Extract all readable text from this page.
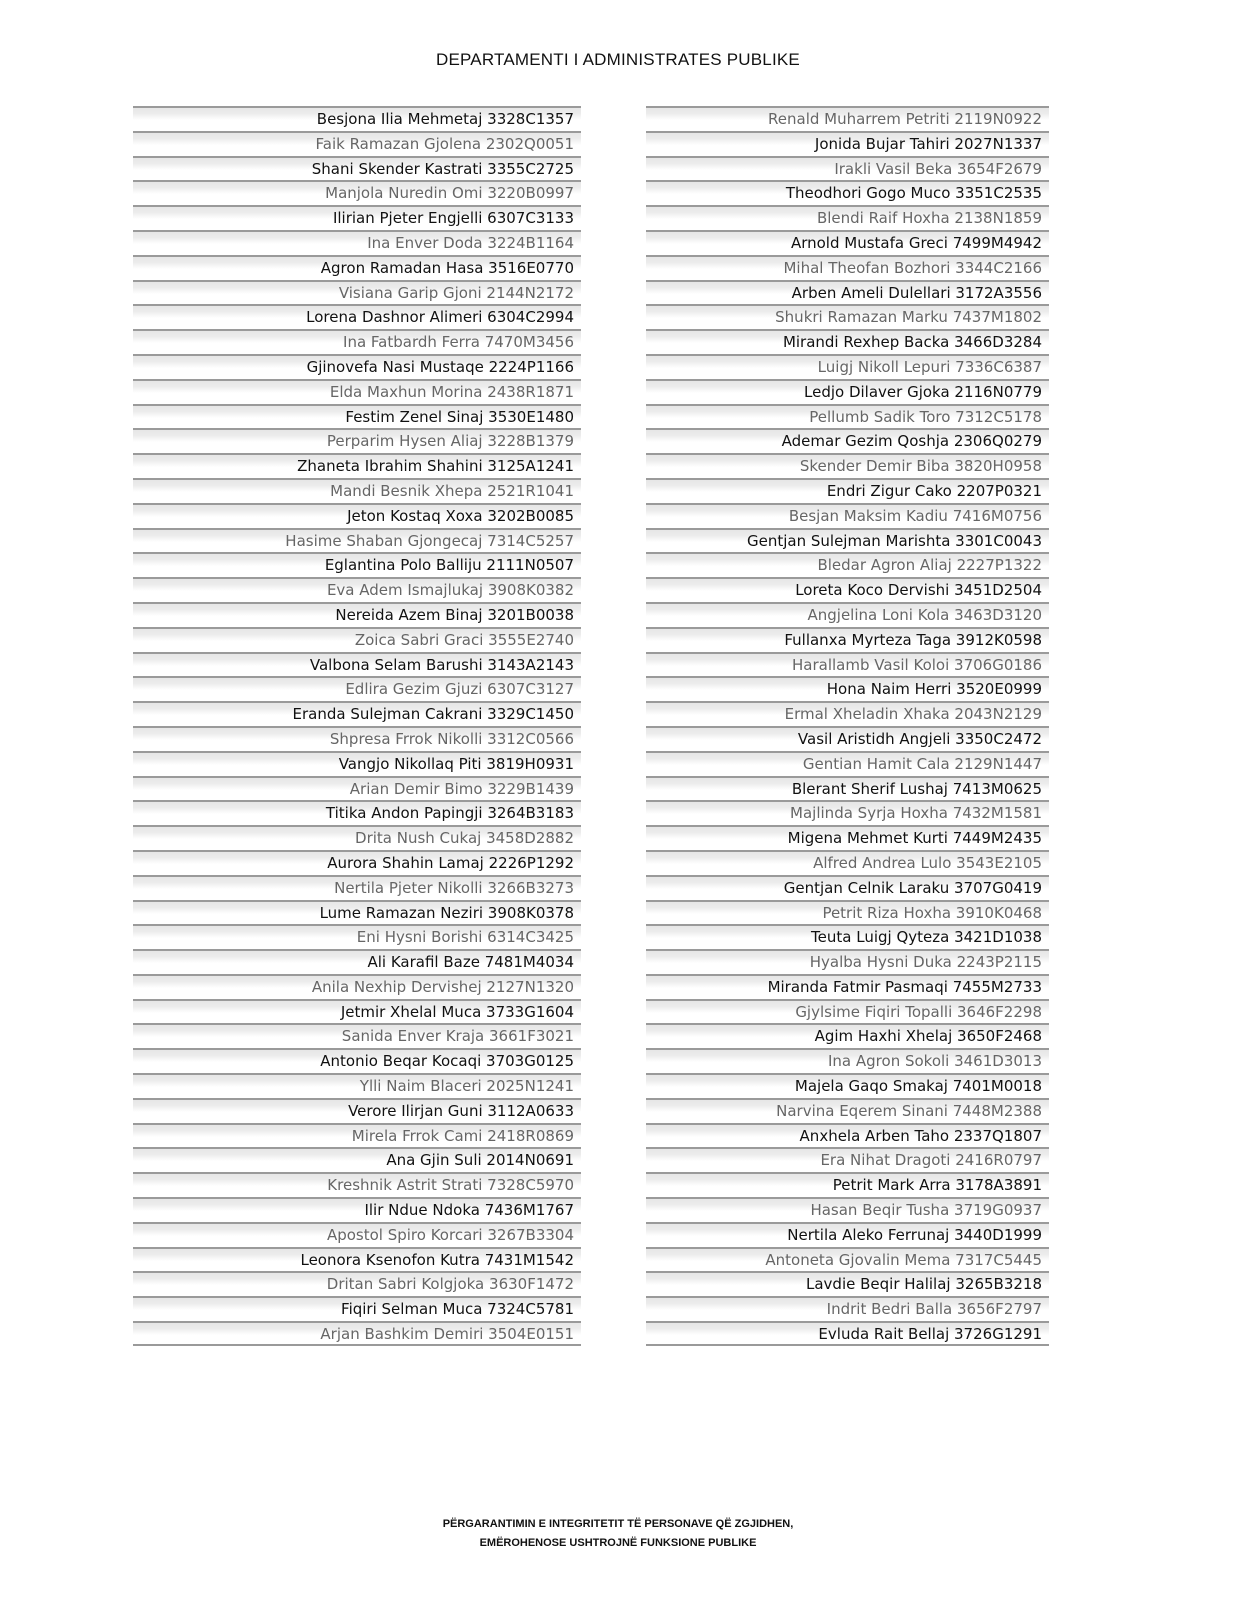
DEPARTAMENTI I ADMINISTRATES PUBLIKE
Besjona Ilia Mehmetaj 3328C1357
Faik Ramazan Gjolena 2302Q0051
Shani Skender Kastrati 3355C2725
Manjola Nuredin Omi 3220B0997
Ilirian Pjeter Engjelli 6307C3133
Ina Enver Doda 3224B1164
Agron Ramadan Hasa 3516E0770
Visiana Garip Gjoni 2144N2172
Lorena Dashnor Alimeri 6304C2994
Ina Fatbardh Ferra 7470M3456
Gjinovefa Nasi Mustaqe 2224P1166
Elda Maxhun Morina 2438R1871
Festim Zenel Sinaj 3530E1480
Perparim Hysen Aliaj 3228B1379
Zhaneta Ibrahim Shahini 3125A1241
Mandi Besnik Xhepa 2521R1041
Jeton Kostaq Xoxa 3202B0085
Hasime Shaban Gjongecaj 7314C5257
Eglantina Polo Balliju 2111N0507
Eva Adem Ismajlukaj 3908K0382
Nereida Azem Binaj 3201B0038
Zoica Sabri Graci 3555E2740
Valbona Selam Barushi 3143A2143
Edlira Gezim Gjuzi 6307C3127
Eranda Sulejman Cakrani 3329C1450
Shpresa Frrok Nikolli 3312C0566
Vangjo Nikollaq Piti 3819H0931
Arian Demir Bimo 3229B1439
Titika Andon Papingji 3264B3183
Drita Nush Cukaj 3458D2882
Aurora Shahin Lamaj 2226P1292
Nertila Pjeter Nikolli 3266B3273
Lume Ramazan Neziri 3908K0378
Eni Hysni Borishi 6314C3425
Ali Karafil Baze 7481M4034
Anila Nexhip Dervishej 2127N1320
Jetmir Xhelal Muca 3733G1604
Sanida Enver Kraja 3661F3021
Antonio Beqar Kocaqi 3703G0125
Ylli Naim Blaceri 2025N1241
Verore Ilirjan Guni 3112A0633
Mirela Frrok Cami 2418R0869
Ana Gjin Suli 2014N0691
Kreshnik Astrit Strati 7328C5970
Ilir Ndue Ndoka 7436M1767
Apostol Spiro Korcari 3267B3304
Leonora Ksenofon Kutra 7431M1542
Dritan Sabri Kolgjoka 3630F1472
Fiqiri Selman Muca 7324C5781
Arjan Bashkim Demiri 3504E0151
Renald Muharrem Petriti 2119N0922
Jonida Bujar Tahiri 2027N1337
Irakli Vasil Beka 3654F2679
Theodhori Gogo Muco 3351C2535
Blendi Raif Hoxha 2138N1859
Arnold Mustafa Greci 7499M4942
Mihal Theofan Bozhori 3344C2166
Arben Ameli Dulellari 3172A3556
Shukri Ramazan Marku 7437M1802
Mirandi Rexhep Backa 3466D3284
Luigj Nikoll Lepuri 7336C6387
Ledjo Dilaver Gjoka 2116N0779
Pellumb Sadik Toro 7312C5178
Ademar Gezim Qoshja 2306Q0279
Skender Demir Biba 3820H0958
Endri Zigur Cako 2207P0321
Besjan Maksim Kadiu 7416M0756
Gentjan Sulejman Marishta 3301C0043
Bledar Agron Aliaj 2227P1322
Loreta Koco Dervishi 3451D2504
Angjelina Loni Kola 3463D3120
Fullanxa Myrteza Taga 3912K0598
Harallamb Vasil Koloi 3706G0186
Hona Naim Herri 3520E0999
Ermal Xheladin Xhaka 2043N2129
Vasil Aristidh Angjeli 3350C2472
Gentian Hamit Cala 2129N1447
Blerant Sherif Lushaj 7413M0625
Majlinda Syrja Hoxha 7432M1581
Migena Mehmet Kurti 7449M2435
Alfred Andrea Lulo 3543E2105
Gentjan Celnik Laraku 3707G0419
Petrit Riza Hoxha 3910K0468
Teuta Luigj Qyteza 3421D1038
Hyalba Hysni Duka 2243P2115
Miranda Fatmir Pasmaqi 7455M2733
Gjylsime Fiqiri Topalli 3646F2298
Agim Haxhi Xhelaj 3650F2468
Ina Agron Sokoli 3461D3013
Majela Gaqo Smakaj 7401M0018
Narvina Eqerem Sinani 7448M2388
Anxhela Arben Taho 2337Q1807
Era Nihat Dragoti 2416R0797
Petrit Mark Arra 3178A3891
Hasan Beqir Tusha 3719G0937
Nertila Aleko Ferrunaj 3440D1999
Antoneta Gjovalin Mema 7317C5445
Lavdie Beqir Halilaj 3265B3218
Indrit Bedri Balla 3656F2797
Evluda Rait Bellaj 3726G1291
PËRGARANTIMIN E INTEGRITETIT TË PERSONAVE QË ZGJIDHEN,
EMËROHENOSE USHTROJNË FUNKSIONE PUBLIKE
